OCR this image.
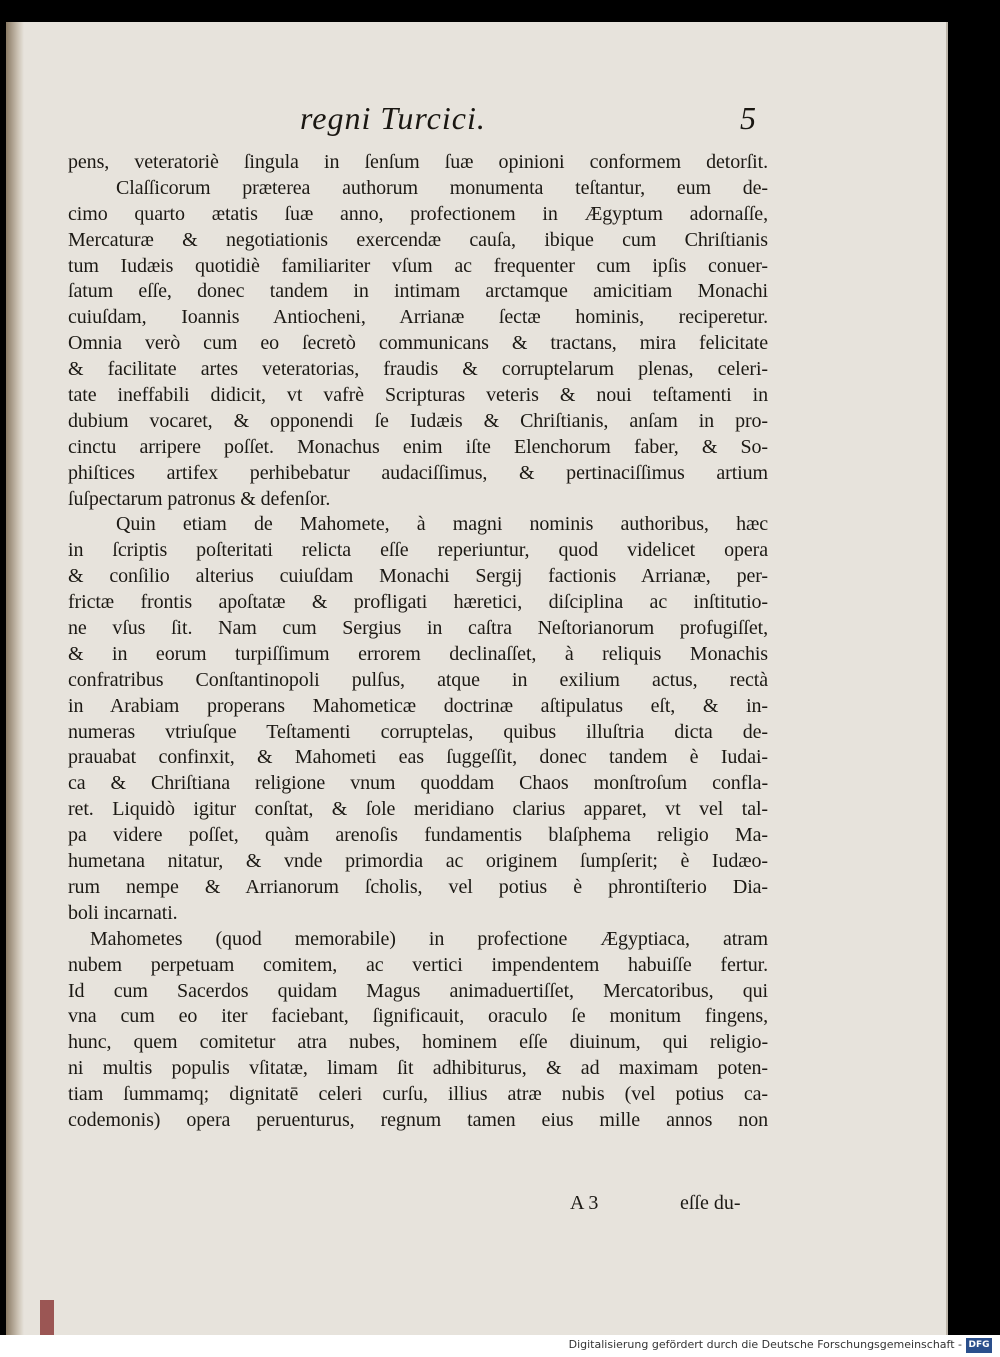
regni Turcici.	5
pens, veteratoriè ſingula in ſenſum ſuæ opinioni conformem detorſit.
Claſſicorum præterea authorum monumenta teſtantur, eum de-
cimo quarto ætatis ſuæ anno, profectionem in Ægyptum adornaſſe,
Mercaturæ & negotiationis exercendæ cauſa, ibique cum Chriſtianis
tum Iudæis quotidiè familiariter vſum ac frequenter cum ipſis conuer-
ſatum eſſe, donec tandem in intimam arctamque amicitiam Monachi
cuiuſdam, Ioannis Antiocheni, Arrianæ ſectæ hominis, reciperetur.
Omnia verò cum eo ſecretò communicans & tractans, mira felicitate
& facilitate artes veteratorias, fraudis & corruptelarum plenas, celeri-
tate ineffabili didicit, vt vafrè Scripturas veteris & noui teſtamenti in
dubium vocaret, & opponendi ſe Iudæis & Chriſtianis, anſam in pro-
cinctu arripere poſſet. Monachus enim iſte Elenchorum faber, & So-
phiſtices artifex perhibebatur audaciſſimus, & pertinaciſſimus artium
ſuſpectarum patronus & defenſor.
Quin etiam de Mahomete, à magni nominis authoribus, hæc
in ſcriptis poſteritati relicta eſſe reperiuntur, quod videlicet opera
& conſilio alterius cuiuſdam Monachi Sergij factionis Arrianæ, per-
frictæ frontis apoſtatæ & profligati hæretici, diſciplina ac inſtitutio-
ne vſus ſit. Nam cum Sergius in caſtra Neſtorianorum profugiſſet,
& in eorum turpiſſimum errorem declinaſſet, à reliquis Monachis
confratribus Conſtantinopoli pulſus, atque in exilium actus, rectà
in Arabiam properans Mahometicæ doctrinæ aſtipulatus eſt, & in-
numeras vtriuſque Teſtamenti corruptelas, quibus illuſtria dicta de-
prauabat confinxit, & Mahometi eas ſuggeſſit, donec tandem è Iudai-
ca & Chriſtiana religione vnum quoddam Chaos monſtroſum confla-
ret. Liquidò igitur conſtat, & ſole meridiano clarius apparet, vt vel tal-
pa videre poſſet, quàm arenoſis fundamentis blaſphema religio Ma-
humetana nitatur, & vnde primordia ac originem ſumpſerit; è Iudæo-
rum nempe & Arrianorum ſcholis, vel potius è phrontiſterio Dia-
boli incarnati.
Mahometes (quod memorabile) in profectione Ægyptiaca, atram
nubem perpetuam comitem, ac vertici impendentem habuiſſe fertur.
Id cum Sacerdos quidam Magus animaduertiſſet, Mercatoribus, qui
vna cum eo iter faciebant, ſignificauit, oraculo ſe monitum fingens,
hunc, quem comitetur atra nubes, hominem eſſe diuinum, qui religio-
ni multis populis vſitatæ, limam ſit adhibiturus, & ad maximam poten-
tiam ſummamq; dignitatē celeri curſu, illius atræ nubis (vel potius ca-
codemonis) opera peruenturus, regnum tamen eius mille annos non
A 3	eſſe du-
Digitalisierung gefördert durch die Deutsche Forschungsgemeinschaft - DFG
